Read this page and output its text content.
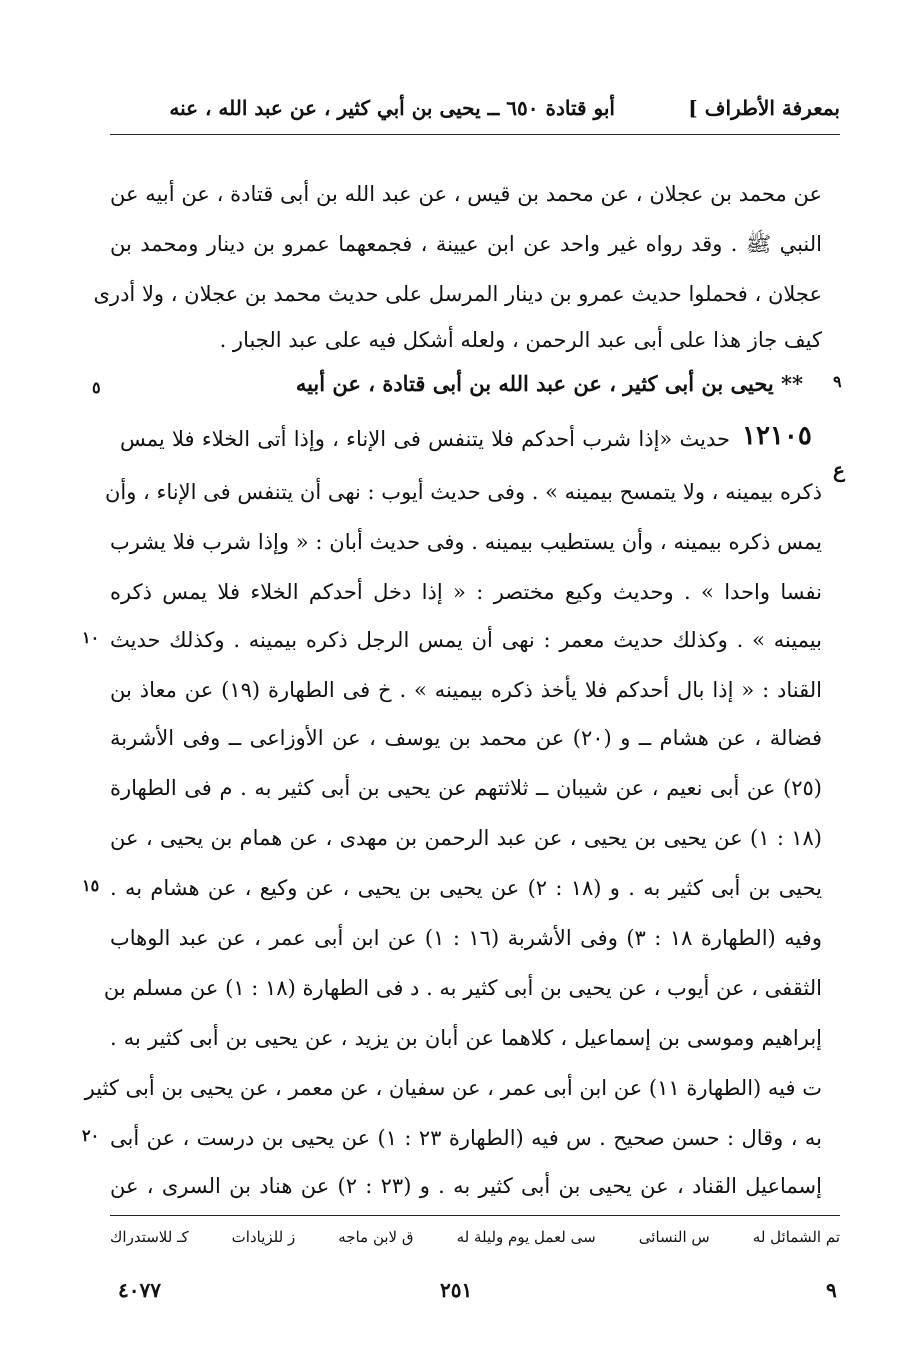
بمعرفة الأطراف ]
أبو قتادة ٦٥٠ ــ يحيى بن أبي كثير ، عن عبد الله ، عنه
عن محمد بن عجلان ، عن محمد بن قيس ، عن عبد الله بن أبى قتادة ، عن أبيه عن
النبي ﷺ . وقد رواه غير واحد عن ابن عيينة ، فجمعهما عمرو بن دينار ومحمد بن
عجلان ، فحملوا حديث عمرو بن دينار المرسل على حديث محمد بن عجلان ، ولا أدرى
كيف جاز هذا على أبى عبد الرحمن ، ولعله أشكل فيه على عبد الجبار .
٩
** يحيى بن أبى كثير ، عن عبد الله بن أبى قتادة ، عن أبيه
٥
حديث «إذا شرب أحدكم فلا يتنفس فى الإناء ، وإذا أتى الخلاء فلا يمس ١٢١٠٥
ع
ذكره بيمينه ، ولا يتمسح بيمينه » . وفى حديث أيوب : نهى أن يتنفس فى الإناء ، وأن
يمس ذكره بيمينه ، وأن يستطيب بيمينه . وفى حديث أبان : « وإذا شرب فلا يشرب
نفسا واحدا » . وحديث وكيع مختصر : « إذا دخل أحدكم الخلاء فلا يمس ذكره
بيمينه » . وكذلك حديث معمر : نهى أن يمس الرجل ذكره بيمينه . وكذلك حديث
١٠
القناد : « إذا بال أحدكم فلا يأخذ ذكره بيمينه » . خ فى الطهارة (١٩) عن معاذ بن
فضالة ، عن هشام ــ و (٢٠) عن محمد بن يوسف ، عن الأوزاعى ــ وفى الأشربة
(٢٥) عن أبى نعيم ، عن شيبان ــ ثلاثتهم عن يحيى بن أبى كثير به . م فى الطهارة
(١٨ : ١) عن يحيى بن يحيى ، عن عبد الرحمن بن مهدى ، عن همام بن يحيى ، عن
يحيى بن أبى كثير به . و (١٨ : ٢) عن يحيى بن يحيى ، عن وكيع ، عن هشام به .
١٥
وفيه (الطهارة ١٨ : ٣) وفى الأشربة (١٦ : ١) عن ابن أبى عمر ، عن عبد الوهاب
الثقفى ، عن أيوب ، عن يحيى بن أبى كثير به . د فى الطهارة (١٨ : ١) عن مسلم بن
إبراهيم وموسى بن إسماعيل ، كلاهما عن أبان بن يزيد ، عن يحيى بن أبى كثير به .
ت فيه (الطهارة ١١) عن ابن أبى عمر ، عن سفيان ، عن معمر ، عن يحيى بن أبى كثير
به ، وقال : حسن صحيح . س فيه (الطهارة ٢٣ : ١) عن يحيى بن درست ، عن أبى
٢٠
إسماعيل القناد ، عن يحيى بن أبى كثير به . و (٢٣ : ٢) عن هناد بن السرى ، عن
تم الشمائل له
س النسائى
سى لعمل يوم وليلة له
ق لابن ماجه
ز للزيادات
كـ للاستدراك
٩
٢٥١
٤٠٧٧
